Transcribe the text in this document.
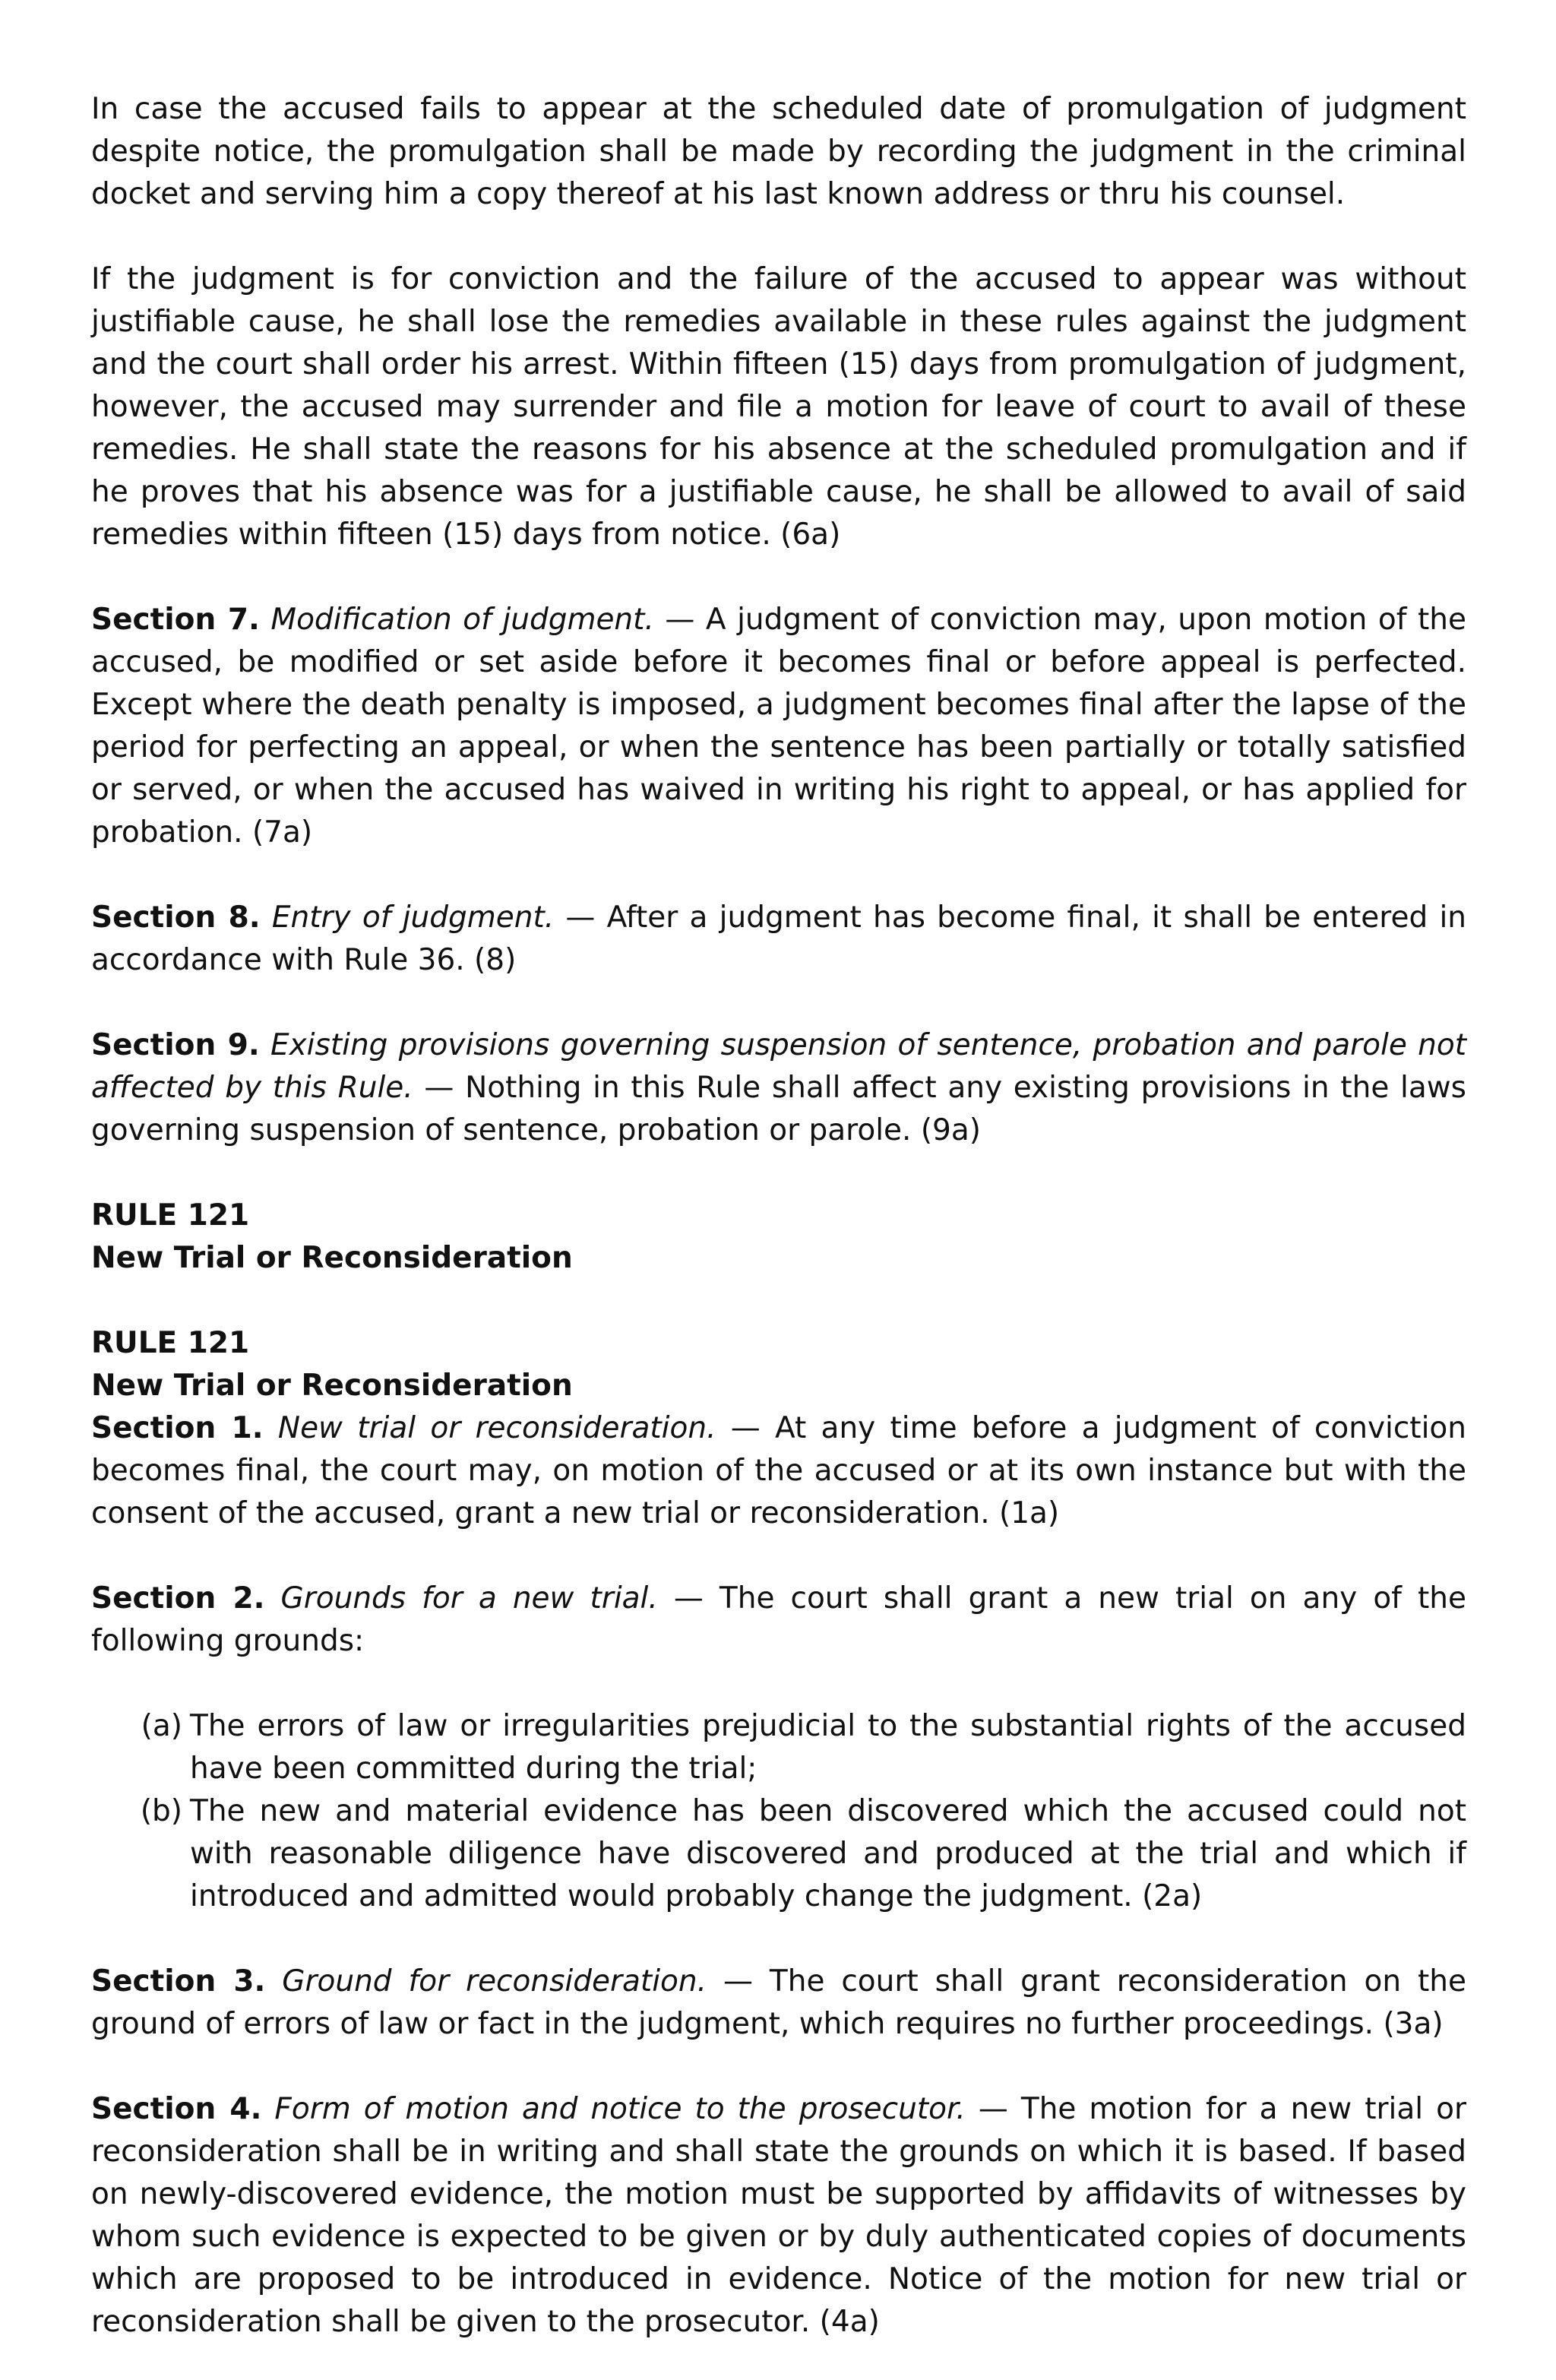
In case the accused fails to appear at the scheduled date of promulgation of judgment despite notice, the promulgation shall be made by recording the judgment in the criminal docket and serving him a copy thereof at his last known address or thru his counsel.

If the judgment is for conviction and the failure of the accused to appear was without justifiable cause, he shall lose the remedies available in these rules against the judgment and the court shall order his arrest. Within fifteen (15) days from promulgation of judgment, however, the accused may surrender and file a motion for leave of court to avail of these remedies. He shall state the reasons for his absence at the scheduled promulgation and if he proves that his absence was for a justifiable cause, he shall be allowed to avail of said remedies within fifteen (15) days from notice. (6a)

Section 7. Modification of judgment. — A judgment of conviction may, upon motion of the accused, be modified or set aside before it becomes final or before appeal is perfected. Except where the death penalty is imposed, a judgment becomes final after the lapse of the period for perfecting an appeal, or when the sentence has been partially or totally satisfied or served, or when the accused has waived in writing his right to appeal, or has applied for probation. (7a)

Section 8. Entry of judgment. — After a judgment has become final, it shall be entered in accordance with Rule 36. (8)

Section 9. Existing provisions governing suspension of sentence, probation and parole not affected by this Rule. — Nothing in this Rule shall affect any existing provisions in the laws governing suspension of sentence, probation or parole. (9a)

RULE 121
New Trial or Reconsideration
RULE 121
New Trial or Reconsideration

Section 1. New trial or reconsideration. — At any time before a judgment of conviction becomes final, the court may, on motion of the accused or at its own instance but with the consent of the accused, grant a new trial or reconsideration. (1a)

Section 2. Grounds for a new trial. — The court shall grant a new trial on any of the following grounds:

(a) The errors of law or irregularities prejudicial to the substantial rights of the accused have been committed during the trial;
(b) The new and material evidence has been discovered which the accused could not with reasonable diligence have discovered and produced at the trial and which if introduced and admitted would probably change the judgment. (2a)

Section 3. Ground for reconsideration. — The court shall grant reconsideration on the ground of errors of law or fact in the judgment, which requires no further proceedings. (3a)

Section 4. Form of motion and notice to the prosecutor. — The motion for a new trial or reconsideration shall be in writing and shall state the grounds on which it is based. If based on newly-discovered evidence, the motion must be supported by affidavits of witnesses by whom such evidence is expected to be given or by duly authenticated copies of documents which are proposed to be introduced in evidence. Notice of the motion for new trial or reconsideration shall be given to the prosecutor. (4a)
